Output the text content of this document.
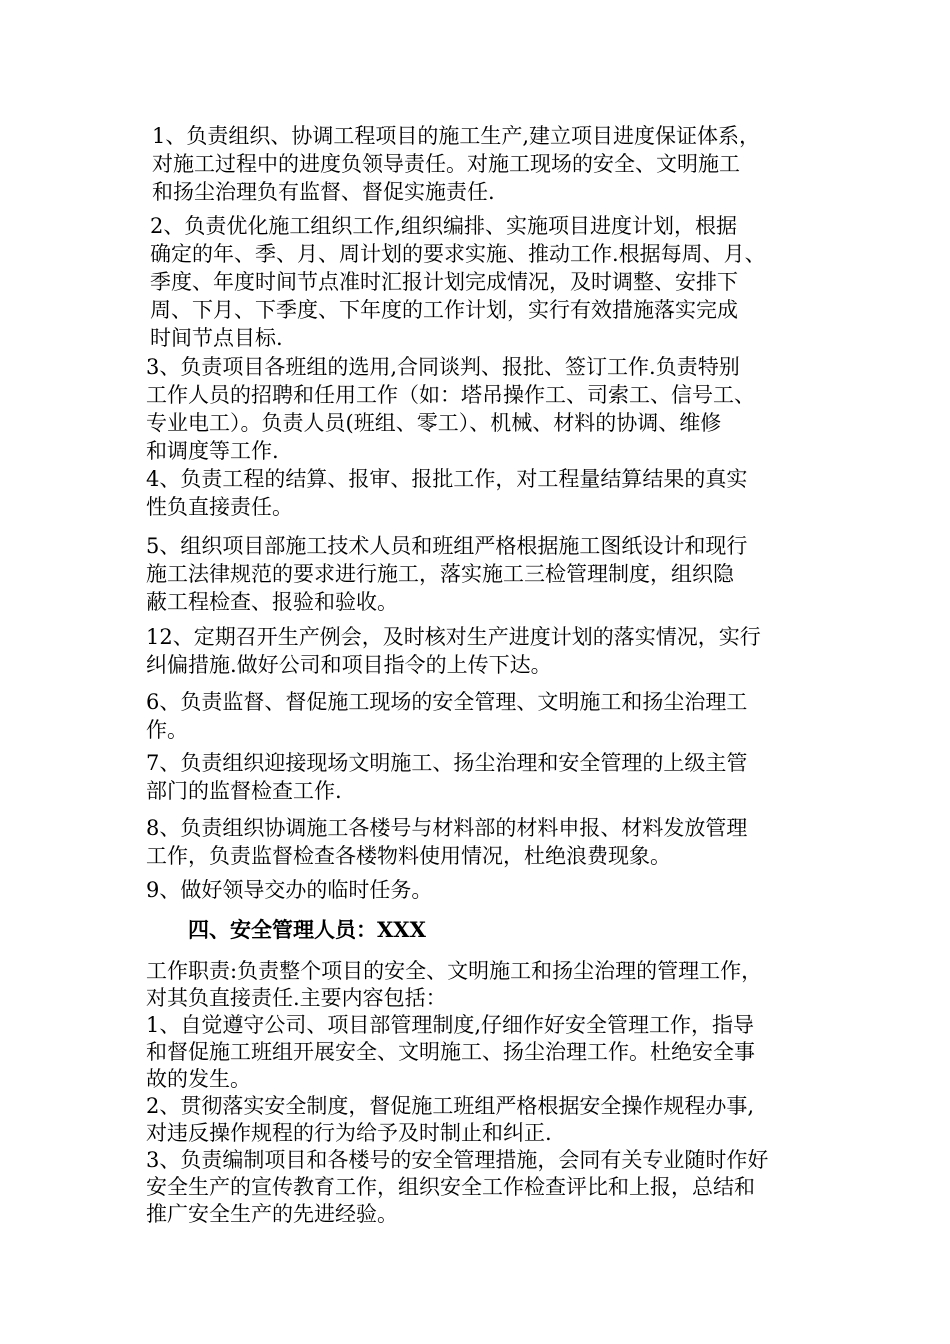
1、负责组织、协调工程项目的施工生产,建立项目进度保证体系，
对施工过程中的进度负领导责任。对施工现场的安全、文明施工
和扬尘治理负有监督、督促实施责任.
2、负责优化施工组织工作,组织编排、实施项目进度计划，根据
确定的年、季、月、周计划的要求实施、推动工作.根据每周、月、
季度、年度时间节点准时汇报计划完成情况，及时调整、安排下
周、下月、下季度、下年度的工作计划，实行有效措施落实完成
时间节点目标.
3、负责项目各班组的选用,合同谈判、报批、签订工作.负责特别
工作人员的招聘和任用工作（如：塔吊操作工、司索工、信号工、
专业电工）。负责人员(班组、零工）、机械、材料的协调、维修
和调度等工作.
4、负责工程的结算、报审、报批工作，对工程量结算结果的真实
性负直接责任。
5、组织项目部施工技术人员和班组严格根据施工图纸设计和现行
施工法律规范的要求进行施工，落实施工三检管理制度，组织隐
蔽工程检查、报验和验收。
12、定期召开生产例会，及时核对生产进度计划的落实情况，实行
纠偏措施.做好公司和项目指令的上传下达。
6、负责监督、督促施工现场的安全管理、文明施工和扬尘治理工
作。
7、负责组织迎接现场文明施工、扬尘治理和安全管理的上级主管
部门的监督检查工作.
8、负责组织协调施工各楼号与材料部的材料申报、材料发放管理
工作，负责监督检查各楼物料使用情况，杜绝浪费现象。
9、做好领导交办的临时任务。
四、安全管理人员：XXX
工作职责:负责整个项目的安全、文明施工和扬尘治理的管理工作，
对其负直接责任.主要内容包括：
1、自觉遵守公司、项目部管理制度,仔细作好安全管理工作，指导
和督促施工班组开展安全、文明施工、扬尘治理工作。杜绝安全事
故的发生。
2、贯彻落实安全制度，督促施工班组严格根据安全操作规程办事,
对违反操作规程的行为给予及时制止和纠正.
3、负责编制项目和各楼号的安全管理措施，会同有关专业随时作好
安全生产的宣传教育工作，组织安全工作检查评比和上报，总结和
推广安全生产的先进经验。
